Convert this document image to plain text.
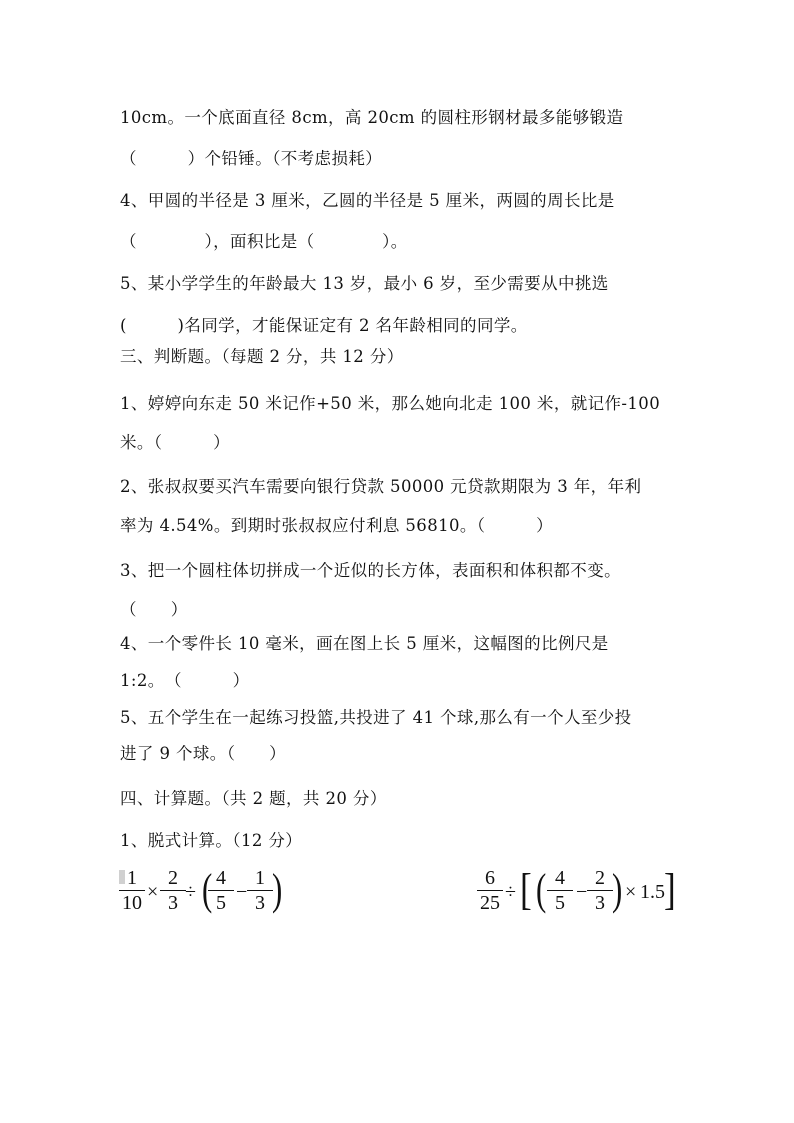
10cm。一个底面直径 8cm，高 20cm 的圆柱形钢材最多能够锻造
（　　　）个铅锤。（不考虑损耗）
4、甲圆的半径是 3 厘米，乙圆的半径是 5 厘米，两圆的周长比是
（　　　　），面积比是（　　　　）。
5、某小学学生的年龄最大 13 岁，最小 6 岁，至少需要从中挑选
(　　　)名同学，才能保证定有 2 名年龄相同的同学。
三、判断题。（每题 2 分，共 12 分）
1、婷婷向东走 50 米记作+50 米，那么她向北走 100 米，就记作-100
米。（　　　）
2、张叔叔要买汽车需要向银行贷款 50000 元贷款期限为 3 年，年利
率为 4.54%。到期时张叔叔应付利息 56810。（　　　）
3、把一个圆柱体切拼成一个近似的长方体，表面积和体积都不变。
（　　）
4、一个零件长 10 毫米，画在图上长 5 厘米，这幅图的比例尺是
1:2。　（　　　）
5、五个学生在一起练习投篮,共投进了 41 个球,那么有一个人至少投
进了 9 个球。（　　）
四、计算题。（共 2 题，共 20 分）
1、脱式计算。（12 分）
1
10 ×
2
3 ÷ ( 4
5 −
1
3 )	6
25 ÷ [ ( 4
5 −
2
3 ) × 1.5 ]
